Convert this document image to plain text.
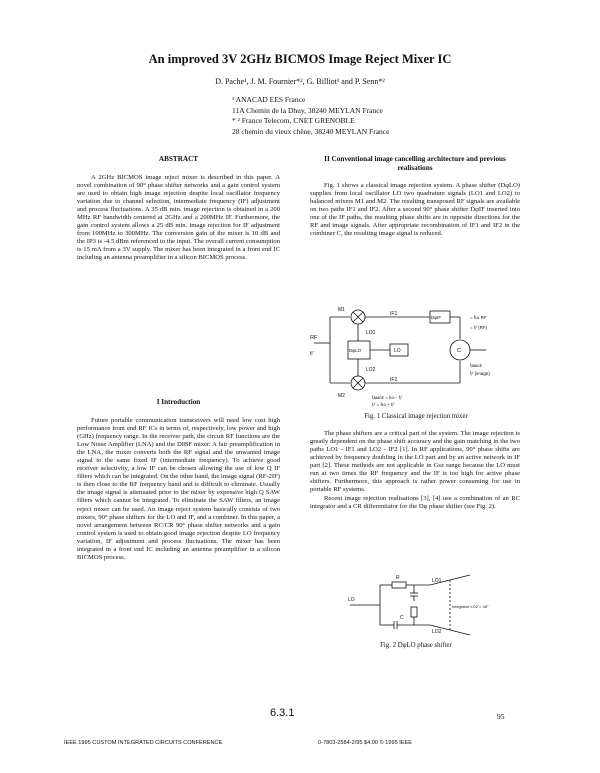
An improved 3V 2GHz BICMOS Image Reject Mixer IC
D. Pache¹, J. M. Fournier*², G. Billiot¹ and P. Senn*²
¹ ANACAD EES France
11A Chemin de la Dhuy, 38240 MEYLAN France
* ² France Telecom, CNET GRENOBLE
28 chemin du vieux chêne, 38240 MEYLAN France
ABSTRACT

A 2GHz BICMOS image reject mixer is described in this paper. A novel combination of 90° phase shifter networks and a gain control system are used to obtain high image rejection despite local oscillator frequency variation due to channel selection, intermediate frequency (IF) adjustment and process fluctuations. A 35 dB min. image rejection is obtained in a 200 MHz RF bandwidth centered at 2GHz and a 200MHz IF. Furthermore, the gain control system allows a 25 dB min. image rejection for IF adjustment from 100MHz to 300MHz. The conversion gain of the mixer is 10 dB and the IP3 is -4.5 dBm referenced to the input. The overall current consumption is 15 mA from a 3V supply. The mixer has been integrated in a front end IC including an antenna preamplifier in a silicon BICMOS process.

I Introduction

Future portable communication transceivers will need low cost high performance front end RF ICs in terms of, respectively, low power and high (GHz) frequency range. In the receiver path, the circuit RF functions are the Low Noise Amplifier (LNA) and the DIBF mixer. A fair preamplification in the LNA, the mixer converts both the RF signal and the unwanted image signal to the same fixed IF (intermediate frequency). To achieve good receiver selectivity, a low IF can be chosen allowing the use of low Q IF filters which can be integrated. On the other hand, the image signal (RF-2IF) is then close to the RF frequency band and is difficult to eliminate. Usually the image signal is attenuated prior to the mixer by expensive high Q SAW filters which cannot be integrated. To eliminate the SAW filters, an image reject mixer can be used. An image reject system basically consists of two mixers, 90° phase shifters for the LO and IF, and a combiner. In this paper, a novel arrangement between RC/CR 90° phase shifter networks and a gain control system is used to obtain good image rejection despite LO frequency variation, IF adjustment and process fluctuations. The mixer has been integrated in a front end IC including an antenna preamplifier in a silicon BICMOS process.

II Conventional image cancelling architecture and previous realisations

Fig. 1 shows a classical image rejection system. A phase shifter (DφLO) supplies from local oscillator LO two quadrature signals (LO1 and LO2) to balanced mixers M1 and M2. The resulting transposed RF signals are available on two paths IF1 and IF2. After a second 90° phase shifter DφIF inserted into one of the IF paths, the resulting phase shifts are in opposite directions for the RF and image signals. After appropriate recombination of IF1 and IF2 in the combiner C, the resulting image signal is reduced.

RF
fᵢᶠ
LO1
LO2
M1
M2
IF1
IF2
DφLO
DφIF
C
LO
= fᴜʟ RF
= fᵢᶠ (RF)
fᵢᴍᴀɢᴇ
fᵣᶠ (image)
fᵢᴍᴀɢᴇ = fᴌᴏ - fᵢᶠ
fᵣᶠ = fᴌᴏ + fᵢᶠ
Fig. 1 Classical image rejection mixer

The phase shifters are a critical part of the system. The image rejection is greatly dependent on the phase shift accuracy and the gain matching in the two paths LO1 - IF1 and LO2 - IF2 [1]. In RF applications, 90° phase shifts are achieved by frequency doubling in the LO part and by an active network in IF part [2]. These methods are not applicable in Gsz range because the LO must run at two times the RF frequency and the IF is too high for active phase shifters. Furthermore, this approach is rather power consuming for use in portable RF systems.

Recent image rejection realisations [3], [4] use a combination of an RC integrator and a CR differentiator for the Dφ phase shifter (see Fig. 2).

LO1
LO2
R
C
LO
Integrator·LO2 = 45°
Fig. 2 DφLO phase shifter
6.3.1	95
IEEE 1995 CUSTOM INTEGRATED CIRCUITS CONFERENCE	0-7803-2584-2/95 $4.00 © 1995 IEEE
